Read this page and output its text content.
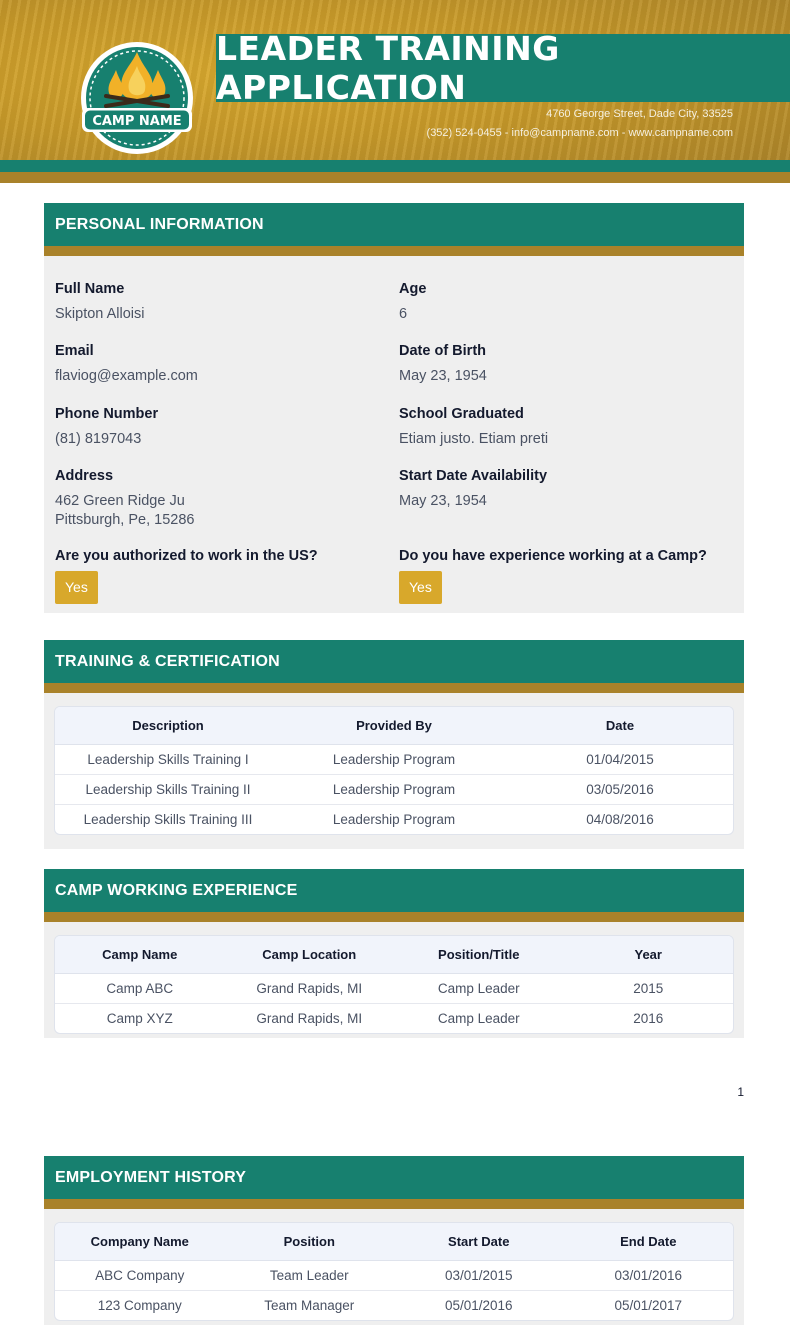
CAMP NAME
LEADER TRAINING APPLICATION
4760 George Street, Dade City, 33525
(352) 524-0455 - info@campname.com - www.campname.com
PERSONAL INFORMATION
Full Name
Skipton Alloisi
Age
6
Email
flaviog@example.com
Date of Birth
May 23, 1954
Phone Number
(81) 8197043
School Graduated
Etiam justo. Etiam preti
Address
462 Green Ridge Ju
Pittsburgh, Pe, 15286
Start Date Availability
May 23, 1954
Are you authorized to work in the US?
Yes
Do you have experience working at a Camp?
Yes
TRAINING & CERTIFICATION
Description	Provided By	Date
Leadership Skills Training I	Leadership Program	01/04/2015
Leadership Skills Training II	Leadership Program	03/05/2016
Leadership Skills Training III	Leadership Program	04/08/2016
CAMP WORKING EXPERIENCE
Camp Name	Camp Location	Position/Title	Year
Camp ABC	Grand Rapids, MI	Camp Leader	2015
Camp XYZ	Grand Rapids, MI	Camp Leader	2016
1
EMPLOYMENT HISTORY
Company Name	Position	Start Date	End Date
ABC Company	Team Leader	03/01/2015	03/01/2016
123 Company	Team Manager	05/01/2016	05/01/2017
